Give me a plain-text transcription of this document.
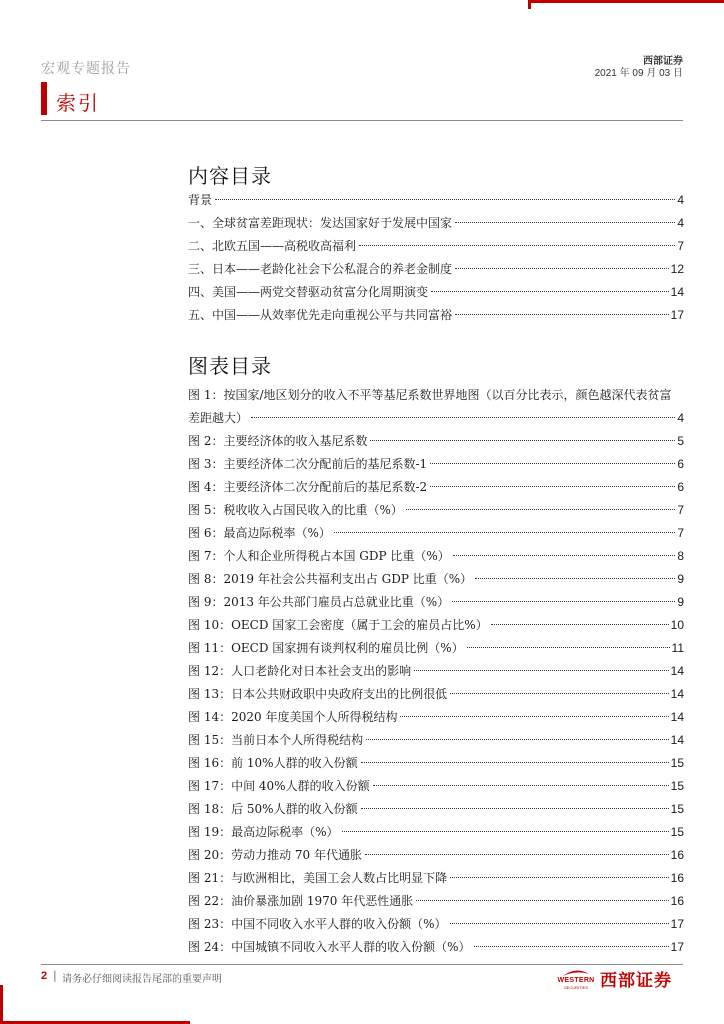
宏观专题报告	西部证券
2021 年 09 月 03 日
索引
内容目录
背景	4
一、全球贫富差距现状：发达国家好于发展中国家	4
二、北欧五国——高税收高福利	7
三、日本——老龄化社会下公私混合的养老金制度	12
四、美国——两党交替驱动贫富分化周期演变	14
五、中国——从效率优先走向重视公平与共同富裕	17
图表目录
图 1：按国家/地区划分的收入不平等基尼系数世界地图（以百分比表示，颜色越深代表贫富
差距越大）	4
图 2：主要经济体的收入基尼系数	5
图 3：主要经济体二次分配前后的基尼系数-1	6
图 4：主要经济体二次分配前后的基尼系数-2	6
图 5：税收收入占国民收入的比重（%）	7
图 6：最高边际税率（%）	7
图 7：个人和企业所得税占本国 GDP 比重（%）	8
图 8：2019 年社会公共福利支出占 GDP 比重（%）	9
图 9：2013 年公共部门雇员占总就业比重（%）	9
图 10：OECD 国家工会密度（属于工会的雇员占比%）	10
图 11：OECD 国家拥有谈判权利的雇员比例（%）	11
图 12：人口老龄化对日本社会支出的影响	14
图 13：日本公共财政职中央政府支出的比例很低	14
图 14：2020 年度美国个人所得税结构	14
图 15：当前日本个人所得税结构	14
图 16：前 10%人群的收入份额	15
图 17：中间 40%人群的收入份额	15
图 18：后 50%人群的收入份额	15
图 19：最高边际税率（%）	15
图 20：劳动力推动 70 年代通胀	16
图 21：与欧洲相比，美国工会人数占比明显下降	16
图 22：油价暴涨加剧 1970 年代恶性通胀	16
图 23：中国不同收入水平人群的收入份额（%）	17
图 24：中国城镇不同收入水平人群的收入份额（%）	17
2 | 请务必仔细阅读报告尾部的重要声明	WESTERN
SECURITIES 西部证券
